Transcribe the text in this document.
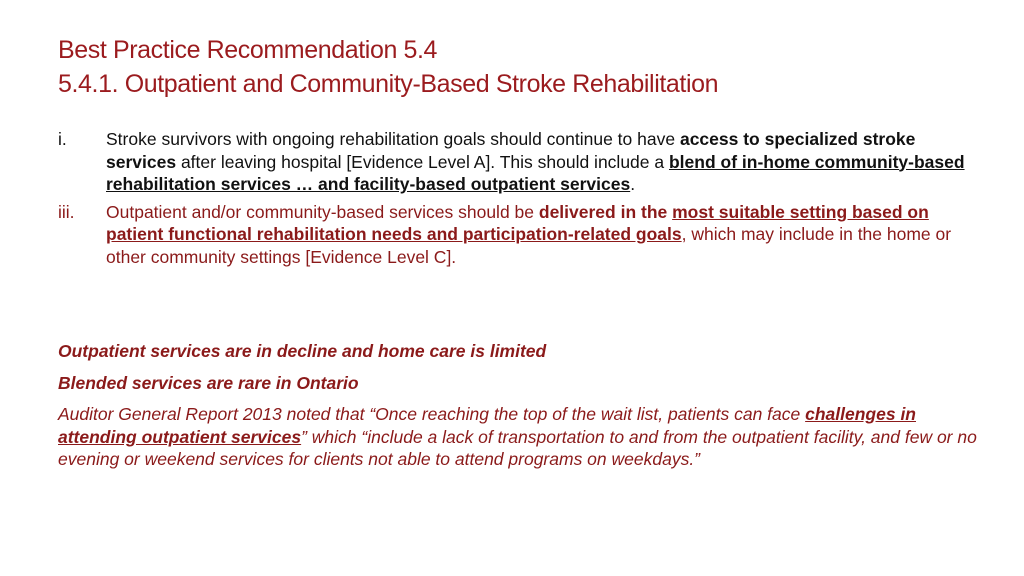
Best Practice Recommendation 5.4
5.4.1. Outpatient and Community-Based Stroke Rehabilitation
i. Stroke survivors with ongoing rehabilitation goals should continue to have access to specialized stroke services after leaving hospital [Evidence Level A]. This should include a blend of in-home community-based rehabilitation services … and facility-based outpatient services.
iii. Outpatient and/or community-based services should be delivered in the most suitable setting based on patient functional rehabilitation needs and participation-related goals, which may include in the home or other community settings [Evidence Level C].

Outpatient services are in decline and home care is limited

Blended services are rare in Ontario

Auditor General Report 2013 noted that “Once reaching the top of the wait list, patients can face challenges in attending outpatient services” which “include a lack of transportation to and from the outpatient facility, and few or no evening or weekend services for clients not able to attend programs on weekdays.”
